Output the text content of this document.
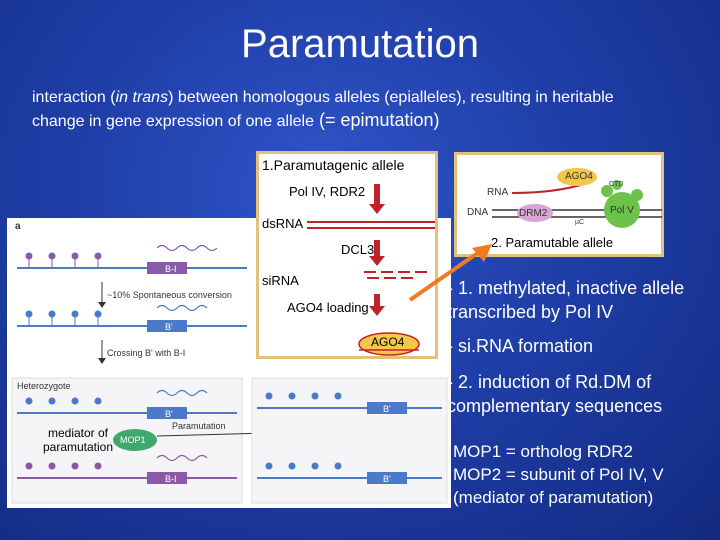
Paramutation
interaction (in trans) between homologous alleles (epialleles), resulting in heritable
change in gene expression of one allele (= epimutation)
a
B-I
~10% Spontaneous conversion
B'
Crossing B' with B-I
Heterozygote
B'
B-I
B'
B'
Paramutation
MOP1
mediator of
paramutation
1.Paramutagenic allele
Pol IV, RDR2
dsRNA
DCL3
siRNA
AGO4 loading
AGO4
RNA
DNA
AGO4
CTD
DRM2	Pol V
µC
2. Paramutable allele
- 1. methylated, inactive allele
transcribed by Pol IV
- si.RNA formation
- 2. induction of Rd.DM of
complementary sequences
MOP1 = ortholog RDR2
MOP2 = subunit of Pol IV, V
(mediator of paramutation)
